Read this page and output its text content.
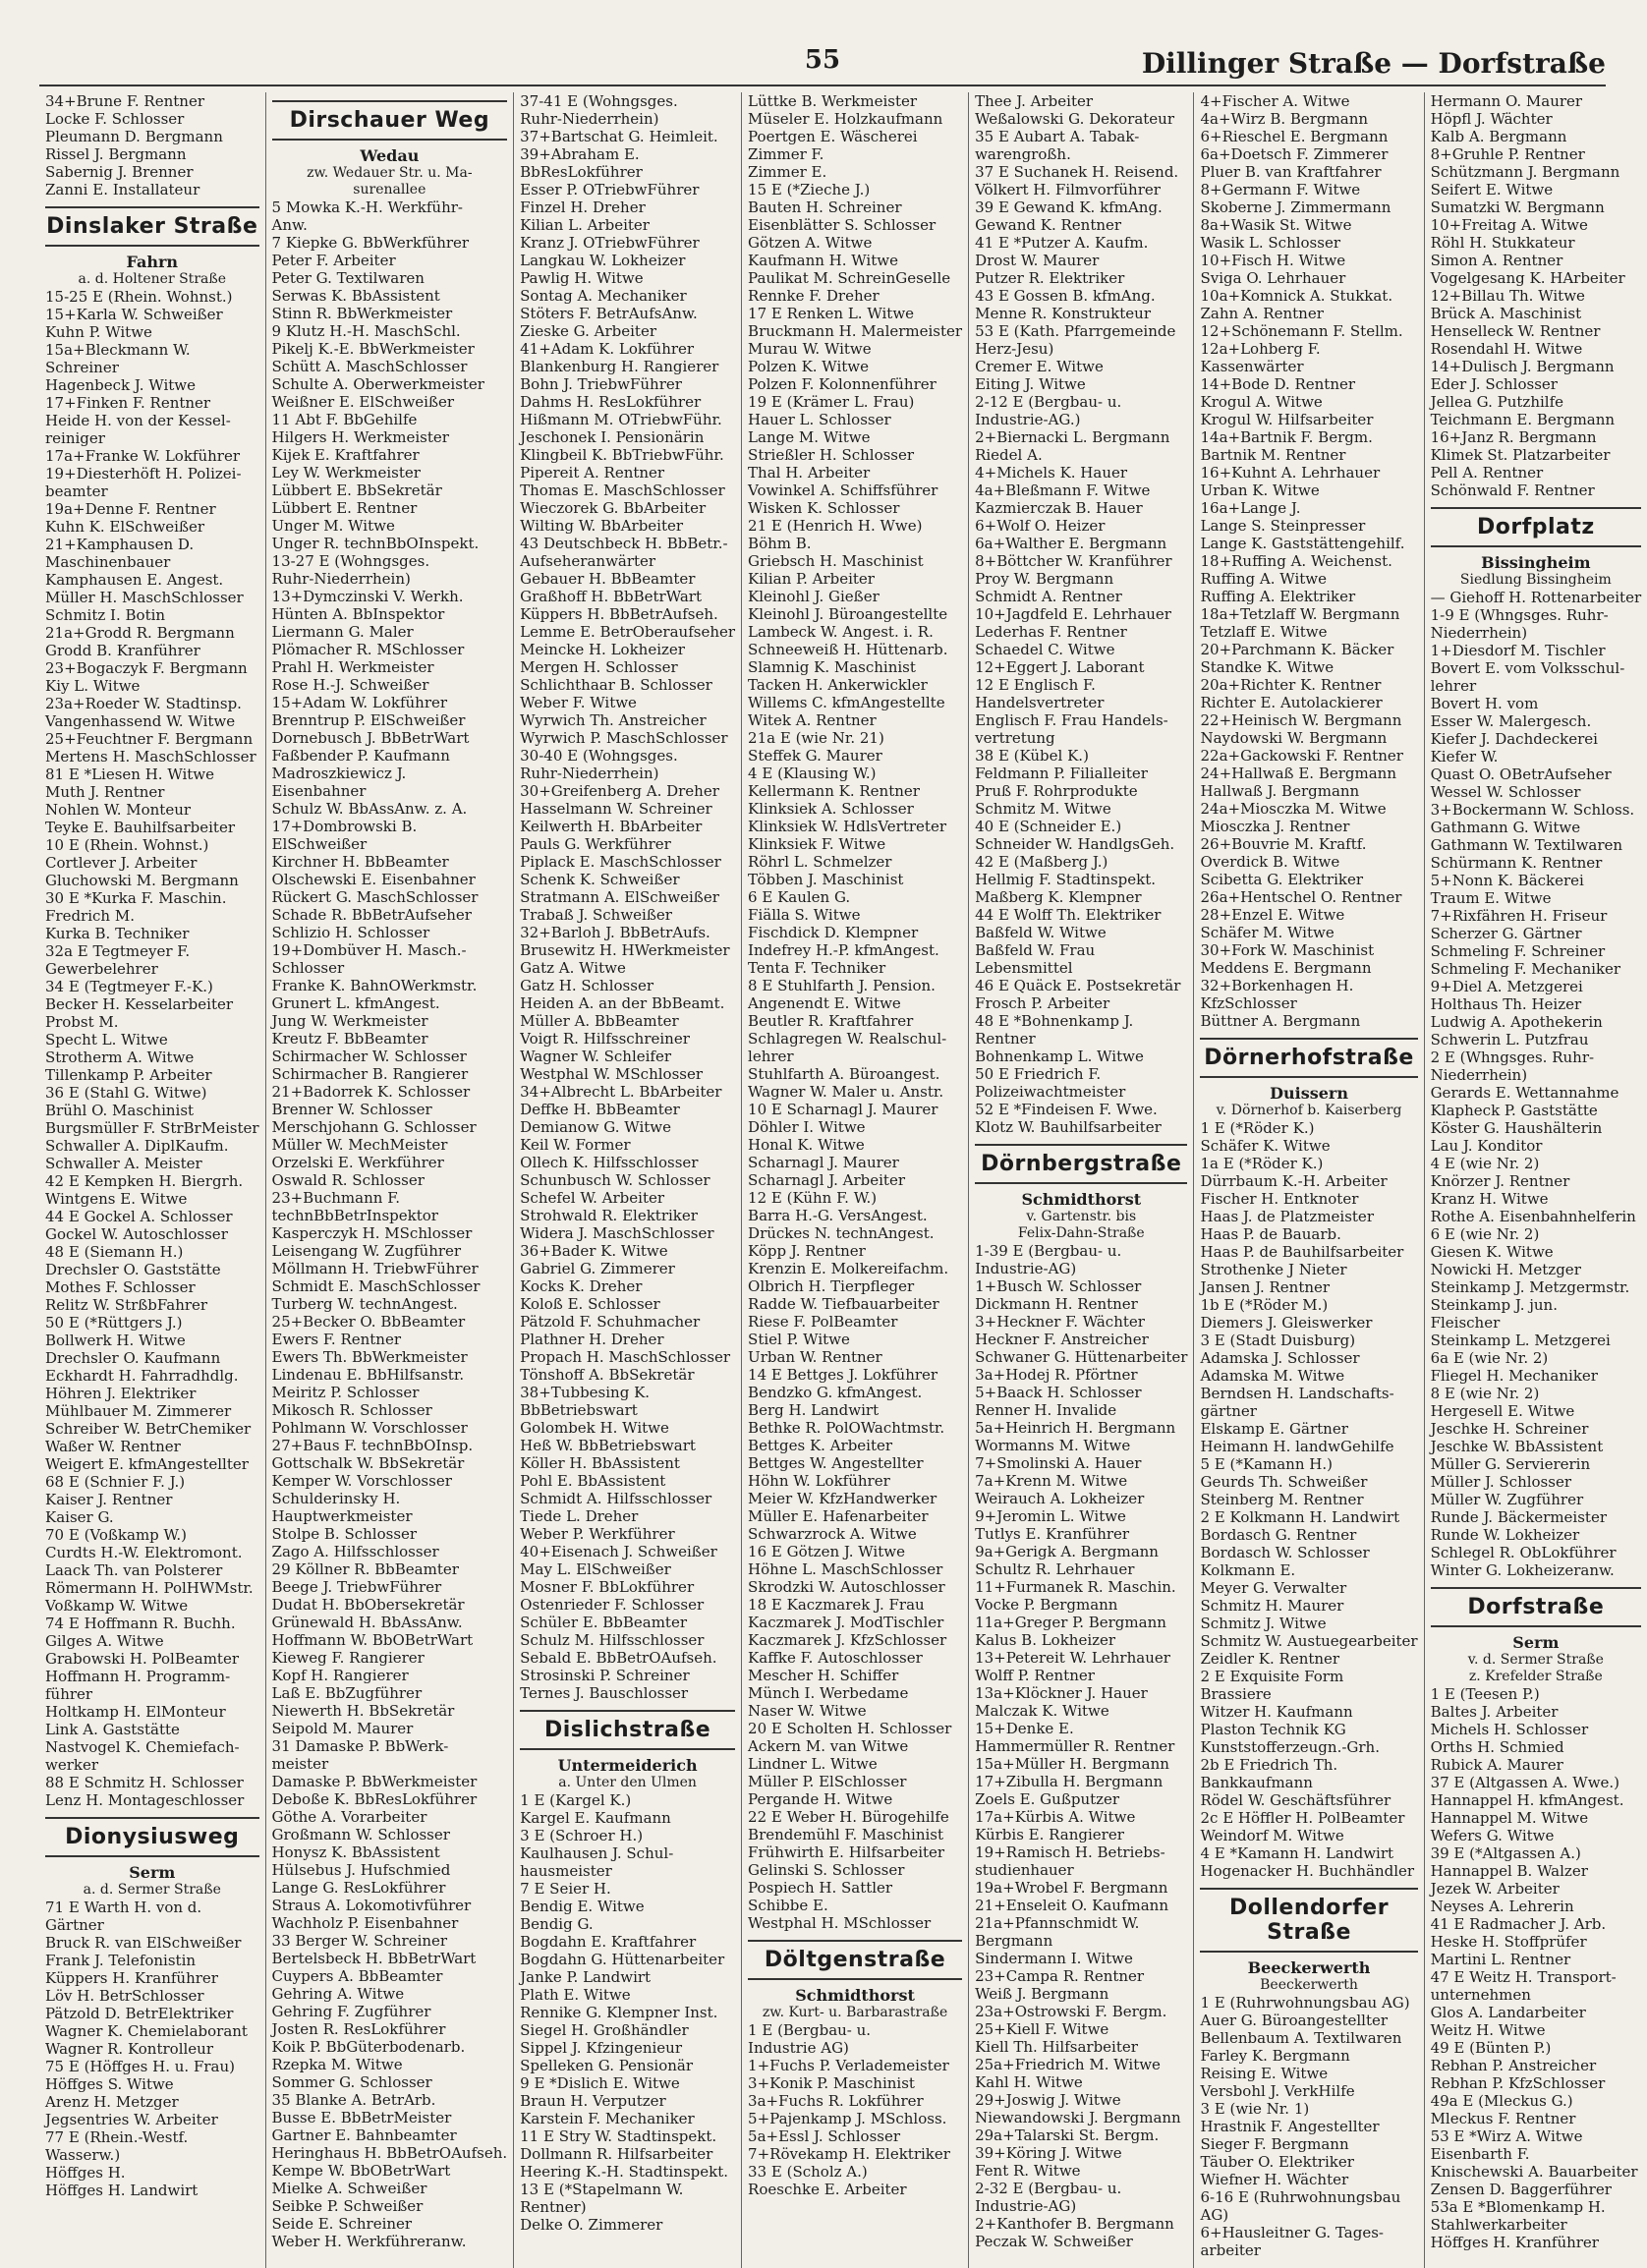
55	Dillinger Straße — Dorfstraße
34+Brune F. Rentner
Locke F. Schlosser
Pleumann D. Bergmann
Rissel J. Bergmann
Sabernig J. Brenner
Zanni E. Installateur
Dinslaker Straße
Fahrn
a. d. Holtener Straße
15-25 E (Rhein. Wohnst.)
15+Karla W. Schweißer
Kuhn P. Witwe
15a+Bleckmann W.
Schreiner
Hagenbeck J. Witwe
17+Finken F. Rentner
Heide H. von der Kessel-
reiniger
17a+Franke W. Lokführer
19+Diesterhöft H. Polizei-
beamter
19a+Denne F. Rentner
Kuhn K. ElSchweißer
21+Kamphausen D.
Maschinenbauer
Kamphausen E. Angest.
Müller H. MaschSchlosser
Schmitz I. Botin
21a+Grodd R. Bergmann
Grodd B. Kranführer
23+Bogaczyk F. Bergmann
Kiy L. Witwe
23a+Roeder W. Stadtinsp.
Vangenhassend W. Witwe
25+Feuchtner F. Bergmann
Mertens H. MaschSchlosser
81 E *Liesen H. Witwe
Muth J. Rentner
Nohlen W. Monteur
Teyke E. Bauhilfsarbeiter
10 E (Rhein. Wohnst.)
Cortlever J. Arbeiter
Gluchowski M. Bergmann
30 E *Kurka F. Maschin.
Fredrich M.
Kurka B. Techniker
32a E Tegtmeyer F.
Gewerbelehrer
34 E (Tegtmeyer F.-K.)
Becker H. Kesselarbeiter
Probst M.
Specht L. Witwe
Strotherm A. Witwe
Tillenkamp P. Arbeiter
36 E (Stahl G. Witwe)
Brühl O. Maschinist
Burgsmüller F. StrBrMeister
Schwaller A. DiplKaufm.
Schwaller A. Meister
42 E Kempken H. Biergrh.
Wintgens E. Witwe
44 E Gockel A. Schlosser
Gockel W. Autoschlosser
48 E (Siemann H.)
Drechsler O. Gaststätte
Mothes F. Schlosser
Relitz W. StrßbFahrer
50 E (*Rüttgers J.)
Bollwerk H. Witwe
Drechsler O. Kaufmann
Eckhardt H. Fahrradhdlg.
Höhren J. Elektriker
Mühlbauer M. Zimmerer
Schreiber W. BetrChemiker
Waßer W. Rentner
Weigert E. kfmAngestellter
68 E (Schnier F. J.)
Kaiser J. Rentner
Kaiser G.
70 E (Voßkamp W.)
Curdts H.-W. Elektromont.
Laack Th. van Polsterer
Römermann H. PolHWMstr.
Voßkamp W. Witwe
74 E Hoffmann R. Buchh.
Gilges A. Witwe
Grabowski H. PolBeamter
Hoffmann H. Programm-
führer
Holtkamp H. ElMonteur
Link A. Gaststätte
Nastvogel K. Chemiefach-
werker
88 E Schmitz H. Schlosser
Lenz H. Montageschlosser
Dionysiusweg
Serm
a. d. Sermer Straße
71 E Warth H. von d.
Gärtner
Bruck R. van ElSchweißer
Frank J. Telefonistin
Küppers H. Kranführer
Löv H. BetrSchlosser
Pätzold D. BetrElektriker
Wagner K. Chemielaborant
Wagner R. Kontrolleur
75 E (Höffges H. u. Frau)
Höffges S. Witwe
Arenz H. Metzger
Jegsentries W. Arbeiter
77 E (Rhein.-Westf.
Wasserw.)
Höffges H.
Höffges H. Landwirt
Dirschauer Weg
Wedau
zw. Wedauer Str. u. Ma-
surenallee
5 Mowka K.-H. Werkführ-
Anw.
7 Kiepke G. BbWerkführer
Peter F. Arbeiter
Peter G. Textilwaren
Serwas K. BbAssistent
Stinn R. BbWerkmeister
9 Klutz H.-H. MaschSchl.
Pikelj K.-E. BbWerkmeister
Schütt A. MaschSchlosser
Schulte A. Oberwerkmeister
Weißner E. ElSchweißer
11 Abt F. BbGehilfe
Hilgers H. Werkmeister
Kijek E. Kraftfahrer
Ley W. Werkmeister
Lübbert E. BbSekretär
Lübbert E. Rentner
Unger M. Witwe
Unger R. technBbOInspekt.
13-27 E (Wohngsges.
Ruhr-Niederrhein)
13+Dymczinski V. Werkh.
Hünten A. BbInspektor
Liermann G. Maler
Plömacher R. MSchlosser
Prahl H. Werkmeister
Rose H.-J. Schweißer
15+Adam W. Lokführer
Brenntrup P. ElSchweißer
Dornebusch J. BbBetrWart
Faßbender P. Kaufmann
Madroszkiewicz J.
Eisenbahner
Schulz W. BbAssAnw. z. A.
17+Dombrowski B.
ElSchweißer
Kirchner H. BbBeamter
Olschewski E. Eisenbahner
Rückert G. MaschSchlosser
Schade R. BbBetrAufseher
Schlizio H. Schlosser
19+Dombüver H. Masch.-
Schlosser
Franke K. BahnOWerkmstr.
Grunert L. kfmAngest.
Jung W. Werkmeister
Kreutz F. BbBeamter
Schirmacher W. Schlosser
Schirmacher B. Rangierer
21+Badorrek K. Schlosser
Brenner W. Schlosser
Merschjohann G. Schlosser
Müller W. MechMeister
Orzelski E. Werkführer
Oswald R. Schlosser
23+Buchmann F.
technBbBetrInspektor
Kasperczyk H. MSchlosser
Leisengang W. Zugführer
Möllmann H. TriebwFührer
Schmidt E. MaschSchlosser
Turberg W. technAngest.
25+Becker O. BbBeamter
Ewers F. Rentner
Ewers Th. BbWerkmeister
Lindenau E. BbHilfsanstr.
Meiritz P. Schlosser
Mikosch R. Schlosser
Pohlmann W. Vorschlosser
27+Baus F. technBbOInsp.
Gottschalk W. BbSekretär
Kemper W. Vorschlosser
Schulderinsky H.
Hauptwerkmeister
Stolpe B. Schlosser
Zago A. Hilfsschlosser
29 Köllner R. BbBeamter
Beege J. TriebwFührer
Dudat H. BbObersekretär
Grünewald H. BbAssAnw.
Hoffmann W. BbOBetrWart
Kieweg F. Rangierer
Kopf H. Rangierer
Laß E. BbZugführer
Niewerth H. BbSekretär
Seipold M. Maurer
31 Damaske P. BbWerk-
meister
Damaske P. BbWerkmeister
Deboße K. BbResLokführer
Göthe A. Vorarbeiter
Großmann W. Schlosser
Honysz K. BbAssistent
Hülsebus J. Hufschmied
Lange G. ResLokführer
Straus A. Lokomotivführer
Wachholz P. Eisenbahner
33 Berger W. Schreiner
Bertelsbeck H. BbBetrWart
Cuypers A. BbBeamter
Gehring A. Witwe
Gehring F. Zugführer
Josten R. ResLokführer
Koik P. BbGüterbodenarb.
Rzepka M. Witwe
Sommer G. Schlosser
35 Blanke A. BetrArb.
Busse E. BbBetrMeister
Gartner E. Bahnbeamter
Heringhaus H. BbBetrOAufseh.
Kempe W. BbOBetrWart
Mielke A. Schweißer
Seibke P. Schweißer
Seide E. Schreiner
Weber H. Werkführeranw.
37-41 E (Wohngsges.
Ruhr-Niederrhein)
37+Bartschat G. Heimleit.
39+Abraham E.
BbResLokführer
Esser P. OTriebwFührer
Finzel H. Dreher
Kilian L. Arbeiter
Kranz J. OTriebwFührer
Langkau W. Lokheizer
Pawlig H. Witwe
Sontag A. Mechaniker
Stöters F. BetrAufsAnw.
Zieske G. Arbeiter
41+Adam K. Lokführer
Blankenburg H. Rangierer
Bohn J. TriebwFührer
Dahms H. ResLokführer
Hißmann M. OTriebwFühr.
Jeschonek I. Pensionärin
Klingbeil K. BbTriebwFühr.
Pipereit A. Rentner
Thomas E. MaschSchlosser
Wieczorek G. BbArbeiter
Wilting W. BbArbeiter
43 Deutschbeck H. BbBetr.-
Aufseheranwärter
Gebauer H. BbBeamter
Graßhoff H. BbBetrWart
Küppers H. BbBetrAufseh.
Lemme E. BetrOberaufseher
Meincke H. Lokheizer
Mergen H. Schlosser
Schlichthaar B. Schlosser
Weber F. Witwe
Wyrwich Th. Anstreicher
Wyrwich P. MaschSchlosser
30-40 E (Wohngsges.
Ruhr-Niederrhein)
30+Greifenberg A. Dreher
Hasselmann W. Schreiner
Keilwerth H. BbArbeiter
Pauls G. Werkführer
Piplack E. MaschSchlosser
Schenk K. Schweißer
Stratmann A. ElSchweißer
Trabaß J. Schweißer
32+Barloh J. BbBetrAufs.
Brusewitz H. HWerkmeister
Gatz A. Witwe
Gatz H. Schlosser
Heiden A. an der BbBeamt.
Müller A. BbBeamter
Voigt R. Hilfsschreiner
Wagner W. Schleifer
Westphal W. MSchlosser
34+Albrecht L. BbArbeiter
Deffke H. BbBeamter
Demianow G. Witwe
Keil W. Former
Ollech K. Hilfsschlosser
Schunbusch W. Schlosser
Schefel W. Arbeiter
Strohwald R. Elektriker
Widera J. MaschSchlosser
36+Bader K. Witwe
Gabriel G. Zimmerer
Kocks K. Dreher
Koloß E. Schlosser
Pätzold F. Schuhmacher
Plathner H. Dreher
Propach H. MaschSchlosser
Tönshoff A. BbSekretär
38+Tubbesing K.
BbBetriebswart
Golombek H. Witwe
Heß W. BbBetriebswart
Köller H. BbAssistent
Pohl E. BbAssistent
Schmidt A. Hilfsschlosser
Tiede L. Dreher
Weber P. Werkführer
40+Eisenach J. Schweißer
May L. ElSchweißer
Mosner F. BbLokführer
Ostenrieder F. Schlosser
Schüler E. BbBeamter
Schulz M. Hilfsschlosser
Sebald E. BbBetrOAufseh.
Strosinski P. Schreiner
Ternes J. Bauschlosser
Dislichstraße
Untermeiderich
a. Unter den Ulmen
1 E (Kargel K.)
Kargel E. Kaufmann
3 E (Schroer H.)
Kaulhausen J. Schul-
hausmeister
7 E Seier H.
Bendig E. Witwe
Bendig G.
Bogdahn E. Kraftfahrer
Bogdahn G. Hüttenarbeiter
Janke P. Landwirt
Plath E. Witwe
Rennike G. Klempner Inst.
Siegel H. Großhändler
Sippel J. Kfzingenieur
Spelleken G. Pensionär
9 E *Dislich E. Witwe
Braun H. Verputzer
Karstein F. Mechaniker
11 E Stry W. Stadtinspekt.
Dollmann R. Hilfsarbeiter
Heering K.-H. Stadtinspekt.
13 E (*Stapelmann W.
Rentner)
Delke O. Zimmerer
Lüttke B. Werkmeister
Müseler E. Holzkaufmann
Poertgen E. Wäscherei
Zimmer F.
Zimmer E.
15 E (*Zieche J.)
Bauten H. Schreiner
Eisenblätter S. Schlosser
Götzen A. Witwe
Kaufmann H. Witwe
Paulikat M. SchreinGeselle
Rennke F. Dreher
17 E Renken L. Witwe
Bruckmann H. Malermeister
Murau W. Witwe
Polzen K. Witwe
Polzen F. Kolonnenführer
19 E (Krämer L. Frau)
Hauer L. Schlosser
Lange M. Witwe
Strießler H. Schlosser
Thal H. Arbeiter
Vowinkel A. Schiffsführer
Wisken K. Schlosser
21 E (Henrich H. Wwe)
Böhm B.
Griebsch H. Maschinist
Kilian P. Arbeiter
Kleinohl J. Gießer
Kleinohl J. Büroangestellte
Lambeck W. Angest. i. R.
Schneeweiß H. Hüttenarb.
Slamnig K. Maschinist
Tacken H. Ankerwickler
Willems C. kfmAngestellte
Witek A. Rentner
21a E (wie Nr. 21)
Steffek G. Maurer
4 E (Klausing W.)
Kellermann K. Rentner
Klinksiek A. Schlosser
Klinksiek W. HdlsVertreter
Klinksiek F. Witwe
Röhrl L. Schmelzer
Többen J. Maschinist
6 E Kaulen G.
Fiälla S. Witwe
Fischdick D. Klempner
Indefrey H.-P. kfmAngest.
Tenta F. Techniker
8 E Stuhlfarth J. Pension.
Angenendt E. Witwe
Beutler R. Kraftfahrer
Schlagregen W. Realschul-
lehrer
Stuhlfarth A. Büroangest.
Wagner W. Maler u. Anstr.
10 E Scharnagl J. Maurer
Döhler I. Witwe
Honal K. Witwe
Scharnagl J. Maurer
Scharnagl J. Arbeiter
12 E (Kühn F. W.)
Barra H.-G. VersAngest.
Drückes N. technAngest.
Köpp J. Rentner
Krenzin E. Molkereifachm.
Olbrich H. Tierpfleger
Radde W. Tiefbauarbeiter
Riese F. PolBeamter
Stiel P. Witwe
Urban W. Rentner
14 E Bettges J. Lokführer
Bendzko G. kfmAngest.
Berg H. Landwirt
Bethke R. PolOWachtmstr.
Bettges K. Arbeiter
Bettges W. Angestellter
Höhn W. Lokführer
Meier W. KfzHandwerker
Müller E. Hafenarbeiter
Schwarzrock A. Witwe
16 E Götzen J. Witwe
Höhne L. MaschSchlosser
Skrodzki W. Autoschlosser
18 E Kaczmarek J. Frau
Kaczmarek J. ModTischler
Kaczmarek J. KfzSchlosser
Kaffke F. Autoschlosser
Mescher H. Schiffer
Münch I. Werbedame
Naser W. Witwe
20 E Scholten H. Schlosser
Ackern M. van Witwe
Lindner L. Witwe
Müller P. ElSchlosser
Pergande H. Witwe
22 E Weber H. Bürogehilfe
Brendemühl F. Maschinist
Frühwirth E. Hilfsarbeiter
Gelinski S. Schlosser
Pospiech H. Sattler
Schibbe E.
Westphal H. MSchlosser
Döltgenstraße
Schmidthorst
zw. Kurt- u. Barbarastraße
1 E (Bergbau- u.
Industrie AG)
1+Fuchs P. Verlademeister
3+Konik P. Maschinist
3a+Fuchs R. Lokführer
5+Pajenkamp J. MSchloss.
5a+Essl J. Schlosser
7+Rövekamp H. Elektriker
33 E (Scholz A.)
Roeschke E. Arbeiter
Thee J. Arbeiter
Weßalowski G. Dekorateur
35 E Aubart A. Tabak-
warengroßh.
37 E Suchanek H. Reisend.
Völkert H. Filmvorführer
39 E Gewand K. kfmAng.
Gewand K. Rentner
41 E *Putzer A. Kaufm.
Drost W. Maurer
Putzer R. Elektriker
43 E Gossen B. kfmAng.
Menne R. Konstrukteur
53 E (Kath. Pfarrgemeinde
Herz-Jesu)
Cremer E. Witwe
Eiting J. Witwe
2-12 E (Bergbau- u.
Industrie-AG.)
2+Biernacki L. Bergmann
Riedel A.
4+Michels K. Hauer
4a+Bleßmann F. Witwe
Kazmierczak B. Hauer
6+Wolf O. Heizer
6a+Walther E. Bergmann
8+Böttcher W. Kranführer
Proy W. Bergmann
Schmidt A. Rentner
10+Jagdfeld E. Lehrhauer
Lederhas F. Rentner
Schaedel C. Witwe
12+Eggert J. Laborant
12 E Englisch F.
Handelsvertreter
Englisch F. Frau Handels-
vertretung
38 E (Kübel K.)
Feldmann P. Filialleiter
Pruß F. Rohrprodukte
Schmitz M. Witwe
40 E (Schneider E.)
Schneider W. HandlgsGeh.
42 E (Maßberg J.)
Hellmig F. Stadtinspekt.
Maßberg K. Klempner
44 E Wolff Th. Elektriker
Baßfeld W. Witwe
Baßfeld W. Frau
Lebensmittel
46 E Quäck E. Postsekretär
Frosch P. Arbeiter
48 E *Bohnenkamp J.
Rentner
Bohnenkamp L. Witwe
50 E Friedrich F.
Polizeiwachtmeister
52 E *Findeisen F. Wwe.
Klotz W. Bauhilfsarbeiter
Dörnbergstraße
Schmidthorst
v. Gartenstr. bis
Felix-Dahn-Straße
1-39 E (Bergbau- u.
Industrie-AG)
1+Busch W. Schlosser
Dickmann H. Rentner
3+Heckner F. Wächter
Heckner F. Anstreicher
Schwaner G. Hüttenarbeiter
3a+Hodej R. Pförtner
5+Baack H. Schlosser
Renner H. Invalide
5a+Heinrich H. Bergmann
Wormanns M. Witwe
7+Smolinski A. Hauer
7a+Krenn M. Witwe
Weirauch A. Lokheizer
9+Jeromin L. Witwe
Tutlys E. Kranführer
9a+Gerigk A. Bergmann
Schultz R. Lehrhauer
11+Furmanek R. Maschin.
Vocke P. Bergmann
11a+Greger P. Bergmann
Kalus B. Lokheizer
13+Petereit W. Lehrhauer
Wolff P. Rentner
13a+Klöckner J. Hauer
Malczak K. Witwe
15+Denke E.
Hammermüller R. Rentner
15a+Müller H. Bergmann
17+Zibulla H. Bergmann
Zoels E. Gußputzer
17a+Kürbis A. Witwe
Kürbis E. Rangierer
19+Ramisch H. Betriebs-
studienhauer
19a+Wrobel F. Bergmann
21+Enseleit O. Kaufmann
21a+Pfannschmidt W.
Bergmann
Sindermann I. Witwe
23+Campa R. Rentner
Weiß J. Bergmann
23a+Ostrowski F. Bergm.
25+Kiell F. Witwe
Kiell Th. Hilfsarbeiter
25a+Friedrich M. Witwe
Kahl H. Witwe
29+Joswig J. Witwe
Niewandowski J. Bergmann
29a+Talarski St. Bergm.
39+Köring J. Witwe
Fent R. Witwe
2-32 E (Bergbau- u.
Industrie-AG)
2+Kanthofer B. Bergmann
Peczak W. Schweißer
4+Fischer A. Witwe
4a+Wirz B. Bergmann
6+Rieschel E. Bergmann
6a+Doetsch F. Zimmerer
Pluer B. van Kraftfahrer
8+Germann F. Witwe
Skoberne J. Zimmermann
8a+Wasik St. Witwe
Wasik L. Schlosser
10+Fisch H. Witwe
Sviga O. Lehrhauer
10a+Komnick A. Stukkat.
Zahn A. Rentner
12+Schönemann F. Stellm.
12a+Lohberg F.
Kassenwärter
14+Bode D. Rentner
Krogul A. Witwe
Krogul W. Hilfsarbeiter
14a+Bartnik F. Bergm.
Bartnik M. Rentner
16+Kuhnt A. Lehrhauer
Urban K. Witwe
16a+Lange J.
Lange S. Steinpresser
Lange K. Gaststättengehilf.
18+Ruffing A. Weichenst.
Ruffing A. Witwe
Ruffing A. Elektriker
18a+Tetzlaff W. Bergmann
Tetzlaff E. Witwe
20+Parchmann K. Bäcker
Standke K. Witwe
20a+Richter K. Rentner
Richter E. Autolackierer
22+Heinisch W. Bergmann
Naydowski W. Bergmann
22a+Gackowski F. Rentner
24+Hallwaß E. Bergmann
Hallwaß J. Bergmann
24a+Miosczka M. Witwe
Miosczka J. Rentner
26+Bouvrie M. Kraftf.
Overdick B. Witwe
Scibetta G. Elektriker
26a+Hentschel O. Rentner
28+Enzel E. Witwe
Schäfer M. Witwe
30+Fork W. Maschinist
Meddens E. Bergmann
32+Borkenhagen H.
KfzSchlosser
Büttner A. Bergmann
Dörnerhofstraße
Duissern
v. Dörnerhof b. Kaiserberg
1 E (*Röder K.)
Schäfer K. Witwe
1a E (*Röder K.)
Dürrbaum K.-H. Arbeiter
Fischer H. Entknoter
Haas J. de Platzmeister
Haas P. de Bauarb.
Haas P. de Bauhilfsarbeiter
Strothenke J Nieter
Jansen J. Rentner
1b E (*Röder M.)
Diemers J. Gleiswerker
3 E (Stadt Duisburg)
Adamska J. Schlosser
Adamska M. Witwe
Berndsen H. Landschafts-
gärtner
Elskamp E. Gärtner
Heimann H. landwGehilfe
5 E (*Kamann H.)
Geurds Th. Schweißer
Steinberg M. Rentner
2 E Kolkmann H. Landwirt
Bordasch G. Rentner
Bordasch W. Schlosser
Kolkmann E.
Meyer G. Verwalter
Schmitz H. Maurer
Schmitz J. Witwe
Schmitz W. Austuegearbeiter
Zeidler K. Rentner
2 E Exquisite Form
Brassiere
Witzer H. Kaufmann
Plaston Technik KG
Kunststofferzeugn.-Grh.
2b E Friedrich Th.
Bankkaufmann
Rödel W. Geschäftsführer
2c E Höffler H. PolBeamter
Weindorf M. Witwe
4 E *Kamann H. Landwirt
Hogenacker H. Buchhändler
Dollendorfer Straße
Beeckerwerth
Beeckerwerth
1 E (Ruhrwohnungsbau AG)
Auer G. Büroangestellter
Bellenbaum A. Textilwaren
Farley K. Bergmann
Reising E. Witwe
Versbohl J. VerkHilfe
3 E (wie Nr. 1)
Hrastnik F. Angestellter
Sieger F. Bergmann
Täuber O. Elektriker
Wiefner H. Wächter
6-16 E (Ruhrwohnungsbau
AG)
6+Hausleitner G. Tages-
arbeiter
Hermann O. Maurer
Höpfl J. Wächter
Kalb A. Bergmann
8+Gruhle P. Rentner
Schützmann J. Bergmann
Seifert E. Witwe
Sumatzki W. Bergmann
10+Freitag A. Witwe
Röhl H. Stukkateur
Simon A. Rentner
Vogelgesang K. HArbeiter
12+Billau Th. Witwe
Brück A. Maschinist
Henselleck W. Rentner
Rosendahl H. Witwe
14+Dulisch J. Bergmann
Eder J. Schlosser
Jellea G. Putzhilfe
Teichmann E. Bergmann
16+Janz R. Bergmann
Klimek St. Platzarbeiter
Pell A. Rentner
Schönwald F. Rentner
Dorfplatz
Bissingheim
Siedlung Bissingheim
— Giehoff H. Rottenarbeiter
1-9 E (Whngsges. Ruhr-
Niederrhein)
1+Diesdorf M. Tischler
Bovert E. vom Volksschul-
lehrer
Bovert H. vom
Esser W. Malergesch.
Kiefer J. Dachdeckerei
Kiefer W.
Quast O. OBetrAufseher
Wessel W. Schlosser
3+Bockermann W. Schloss.
Gathmann G. Witwe
Gathmann W. Textilwaren
Schürmann K. Rentner
5+Nonn K. Bäckerei
Traum E. Witwe
7+Rixfähren H. Friseur
Scherzer G. Gärtner
Schmeling F. Schreiner
Schmeling F. Mechaniker
9+Diel A. Metzgerei
Holthaus Th. Heizer
Ludwig A. Apothekerin
Schwerin L. Putzfrau
2 E (Whngsges. Ruhr-
Niederrhein)
Gerards E. Wettannahme
Klapheck P. Gaststätte
Köster G. Haushälterin
Lau J. Konditor
4 E (wie Nr. 2)
Knörzer J. Rentner
Kranz H. Witwe
Rothe A. Eisenbahnhelferin
6 E (wie Nr. 2)
Giesen K. Witwe
Nowicki H. Metzger
Steinkamp J. Metzgermstr.
Steinkamp J. jun.
Fleischer
Steinkamp L. Metzgerei
6a E (wie Nr. 2)
Fliegel H. Mechaniker
8 E (wie Nr. 2)
Hergesell E. Witwe
Jeschke H. Schreiner
Jeschke W. BbAssistent
Müller G. Serviererin
Müller J. Schlosser
Müller W. Zugführer
Runde J. Bäckermeister
Runde W. Lokheizer
Schlegel R. ObLokführer
Winter G. Lokheizeranw.
Dorfstraße
Serm
v. d. Sermer Straße
z. Krefelder Straße
1 E (Teesen P.)
Baltes J. Arbeiter
Michels H. Schlosser
Orths H. Schmied
Rubick A. Maurer
37 E (Altgassen A. Wwe.)
Hannappel H. kfmAngest.
Hannappel M. Witwe
Wefers G. Witwe
39 E (*Altgassen A.)
Hannappel B. Walzer
Jezek W. Arbeiter
Neyses A. Lehrerin
41 E Radmacher J. Arb.
Heske H. Stoffprüfer
Martini L. Rentner
47 E Weitz H. Transport-
unternehmen
Glos A. Landarbeiter
Weitz H. Witwe
49 E (Bünten P.)
Rebhan P. Anstreicher
Rebhan P. KfzSchlosser
49a E (Mleckus G.)
Mleckus F. Rentner
53 E *Wirz A. Witwe
Eisenbarth F.
Knischewski A. Bauarbeiter
Zensen D. Baggerführer
53a E *Blomenkamp H.
Stahlwerkarbeiter
Höffges H. Kranführer
